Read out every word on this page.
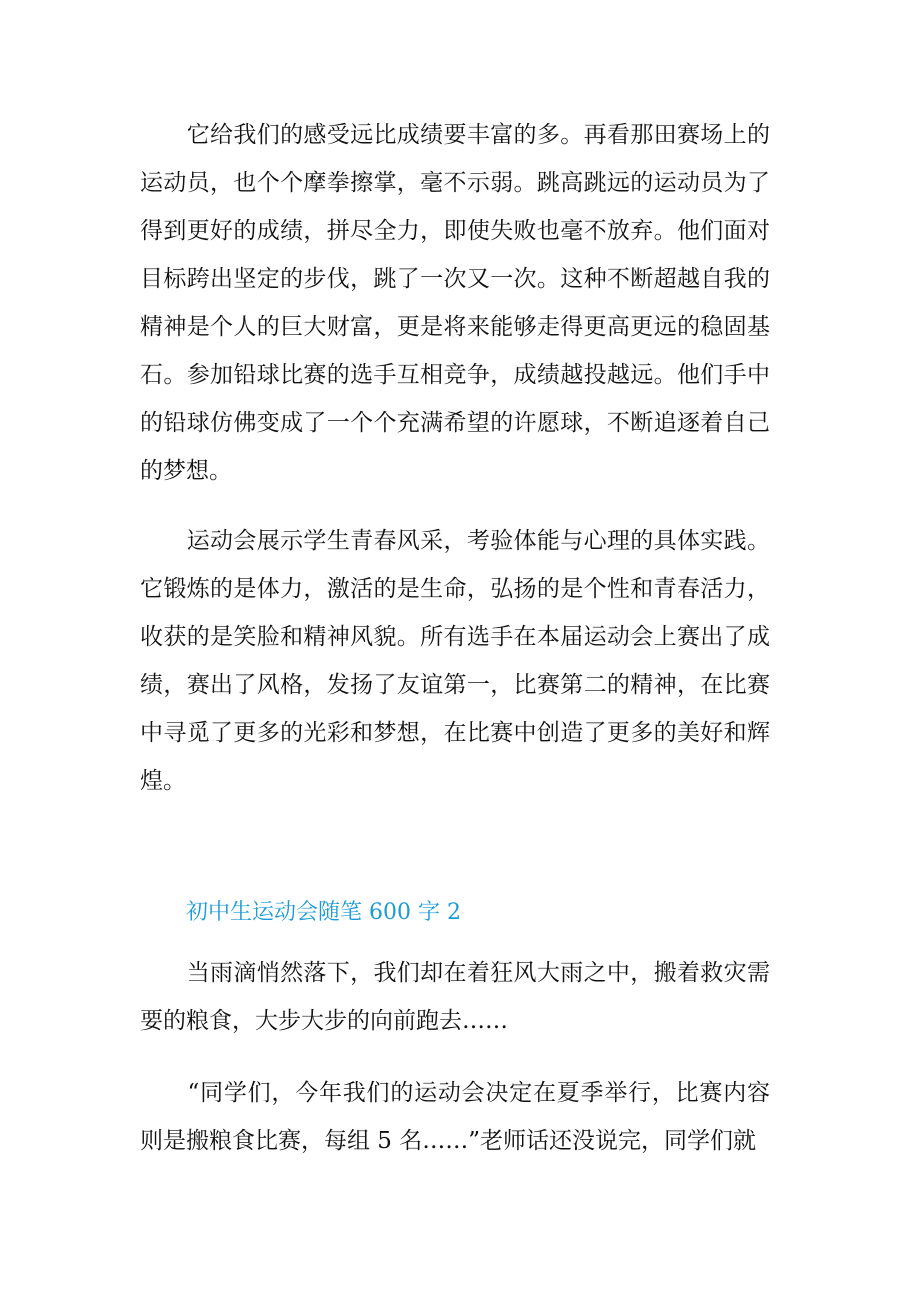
　　它给我们的感受远比成绩要丰富的多。再看那田赛场上的
运动员，也个个摩拳擦掌，毫不示弱。跳高跳远的运动员为了
得到更好的成绩，拼尽全力，即使失败也毫不放弃。他们面对
目标跨出坚定的步伐，跳了一次又一次。这种不断超越自我的
精神是个人的巨大财富，更是将来能够走得更高更远的稳固基
石。参加铅球比赛的选手互相竞争，成绩越投越远。他们手中
的铅球仿佛变成了一个个充满希望的许愿球，不断追逐着自己
的梦想。
　　运动会展示学生青春风采，考验体能与心理的具体实践。
它锻炼的是体力，激活的是生命，弘扬的是个性和青春活力，
收获的是笑脸和精神风貌。所有选手在本届运动会上赛出了成
绩，赛出了风格，发扬了友谊第一，比赛第二的精神，在比赛
中寻觅了更多的光彩和梦想，在比赛中创造了更多的美好和辉
煌。
初中生运动会随笔 600 字 2
　　当雨滴悄然落下，我们却在着狂风大雨之中，搬着救灾需
要的粮食，大步大步的向前跑去……
　　“同学们，今年我们的运动会决定在夏季举行，比赛内容
则是搬粮食比赛，每组 5 名……”老师话还没说完，同学们就
